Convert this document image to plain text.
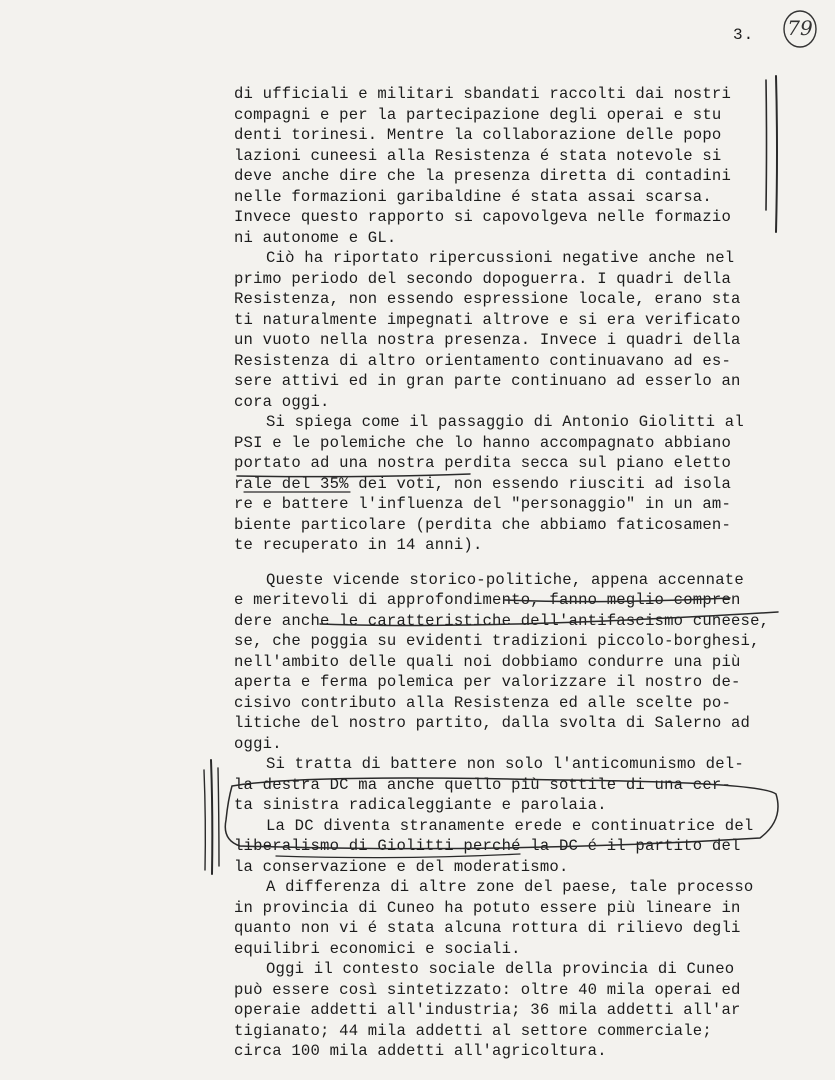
3.	79
di ufficiali e militari sbandati raccolti dai nostri
compagni e per la partecipazione degli operai e stu
denti torinesi. Mentre la collaborazione delle popo
lazioni cuneesi alla Resistenza é stata notevole si
deve anche dire che la presenza diretta di contadini
nelle formazioni garibaldine é stata assai scarsa.
Invece questo rapporto si capovolgeva nelle formazio
ni autonome e GL.
Ciò ha riportato ripercussioni negative anche nel
primo periodo del secondo dopoguerra. I quadri della
Resistenza, non essendo espressione locale, erano sta
ti naturalmente impegnati altrove e si era verificato
un vuoto nella nostra presenza. Invece i quadri della
Resistenza di altro orientamento continuavano ad es-
sere attivi ed in gran parte continuano ad esserlo an
cora oggi.
Si spiega come il passaggio di Antonio Giolitti al
PSI e le polemiche che lo hanno accompagnato abbiano
portato ad una nostra perdita secca sul piano eletto
rale del 35% dei voti, non essendo riusciti ad isola
re e battere l'influenza del "personaggio" in un am-
biente particolare (perdita che abbiamo faticosamen-
te recuperato in 14 anni).
Queste vicende storico-politiche, appena accennate
e meritevoli di approfondimento, fanno meglio compren
dere anche le caratteristiche dell'antifascismo cuneese,
se, che poggia su evidenti tradizioni piccolo-borghesi,
nell'ambito delle quali noi dobbiamo condurre una più
aperta e ferma polemica per valorizzare il nostro de-
cisivo contributo alla Resistenza ed alle scelte po-
litiche del nostro partito, dalla svolta di Salerno ad
oggi.
Si tratta di battere non solo l'anticomunismo del-
la destra DC ma anche quello più sottile di una cer-
ta sinistra radicaleggiante e parolaia.
La DC diventa stranamente erede e continuatrice del
liberalismo di Giolitti perché la DC é il partito del
la conservazione e del moderatismo.
A differenza di altre zone del paese, tale processo
in provincia di Cuneo ha potuto essere più lineare in
quanto non vi é stata alcuna rottura di rilievo degli
equilibri economici e sociali.
Oggi il contesto sociale della provincia di Cuneo
può essere così sintetizzato: oltre 40 mila operai ed
operaie addetti all'industria; 36 mila addetti all'ar
tigianato; 44 mila addetti al settore commerciale;
circa 100 mila addetti all'agricoltura.
